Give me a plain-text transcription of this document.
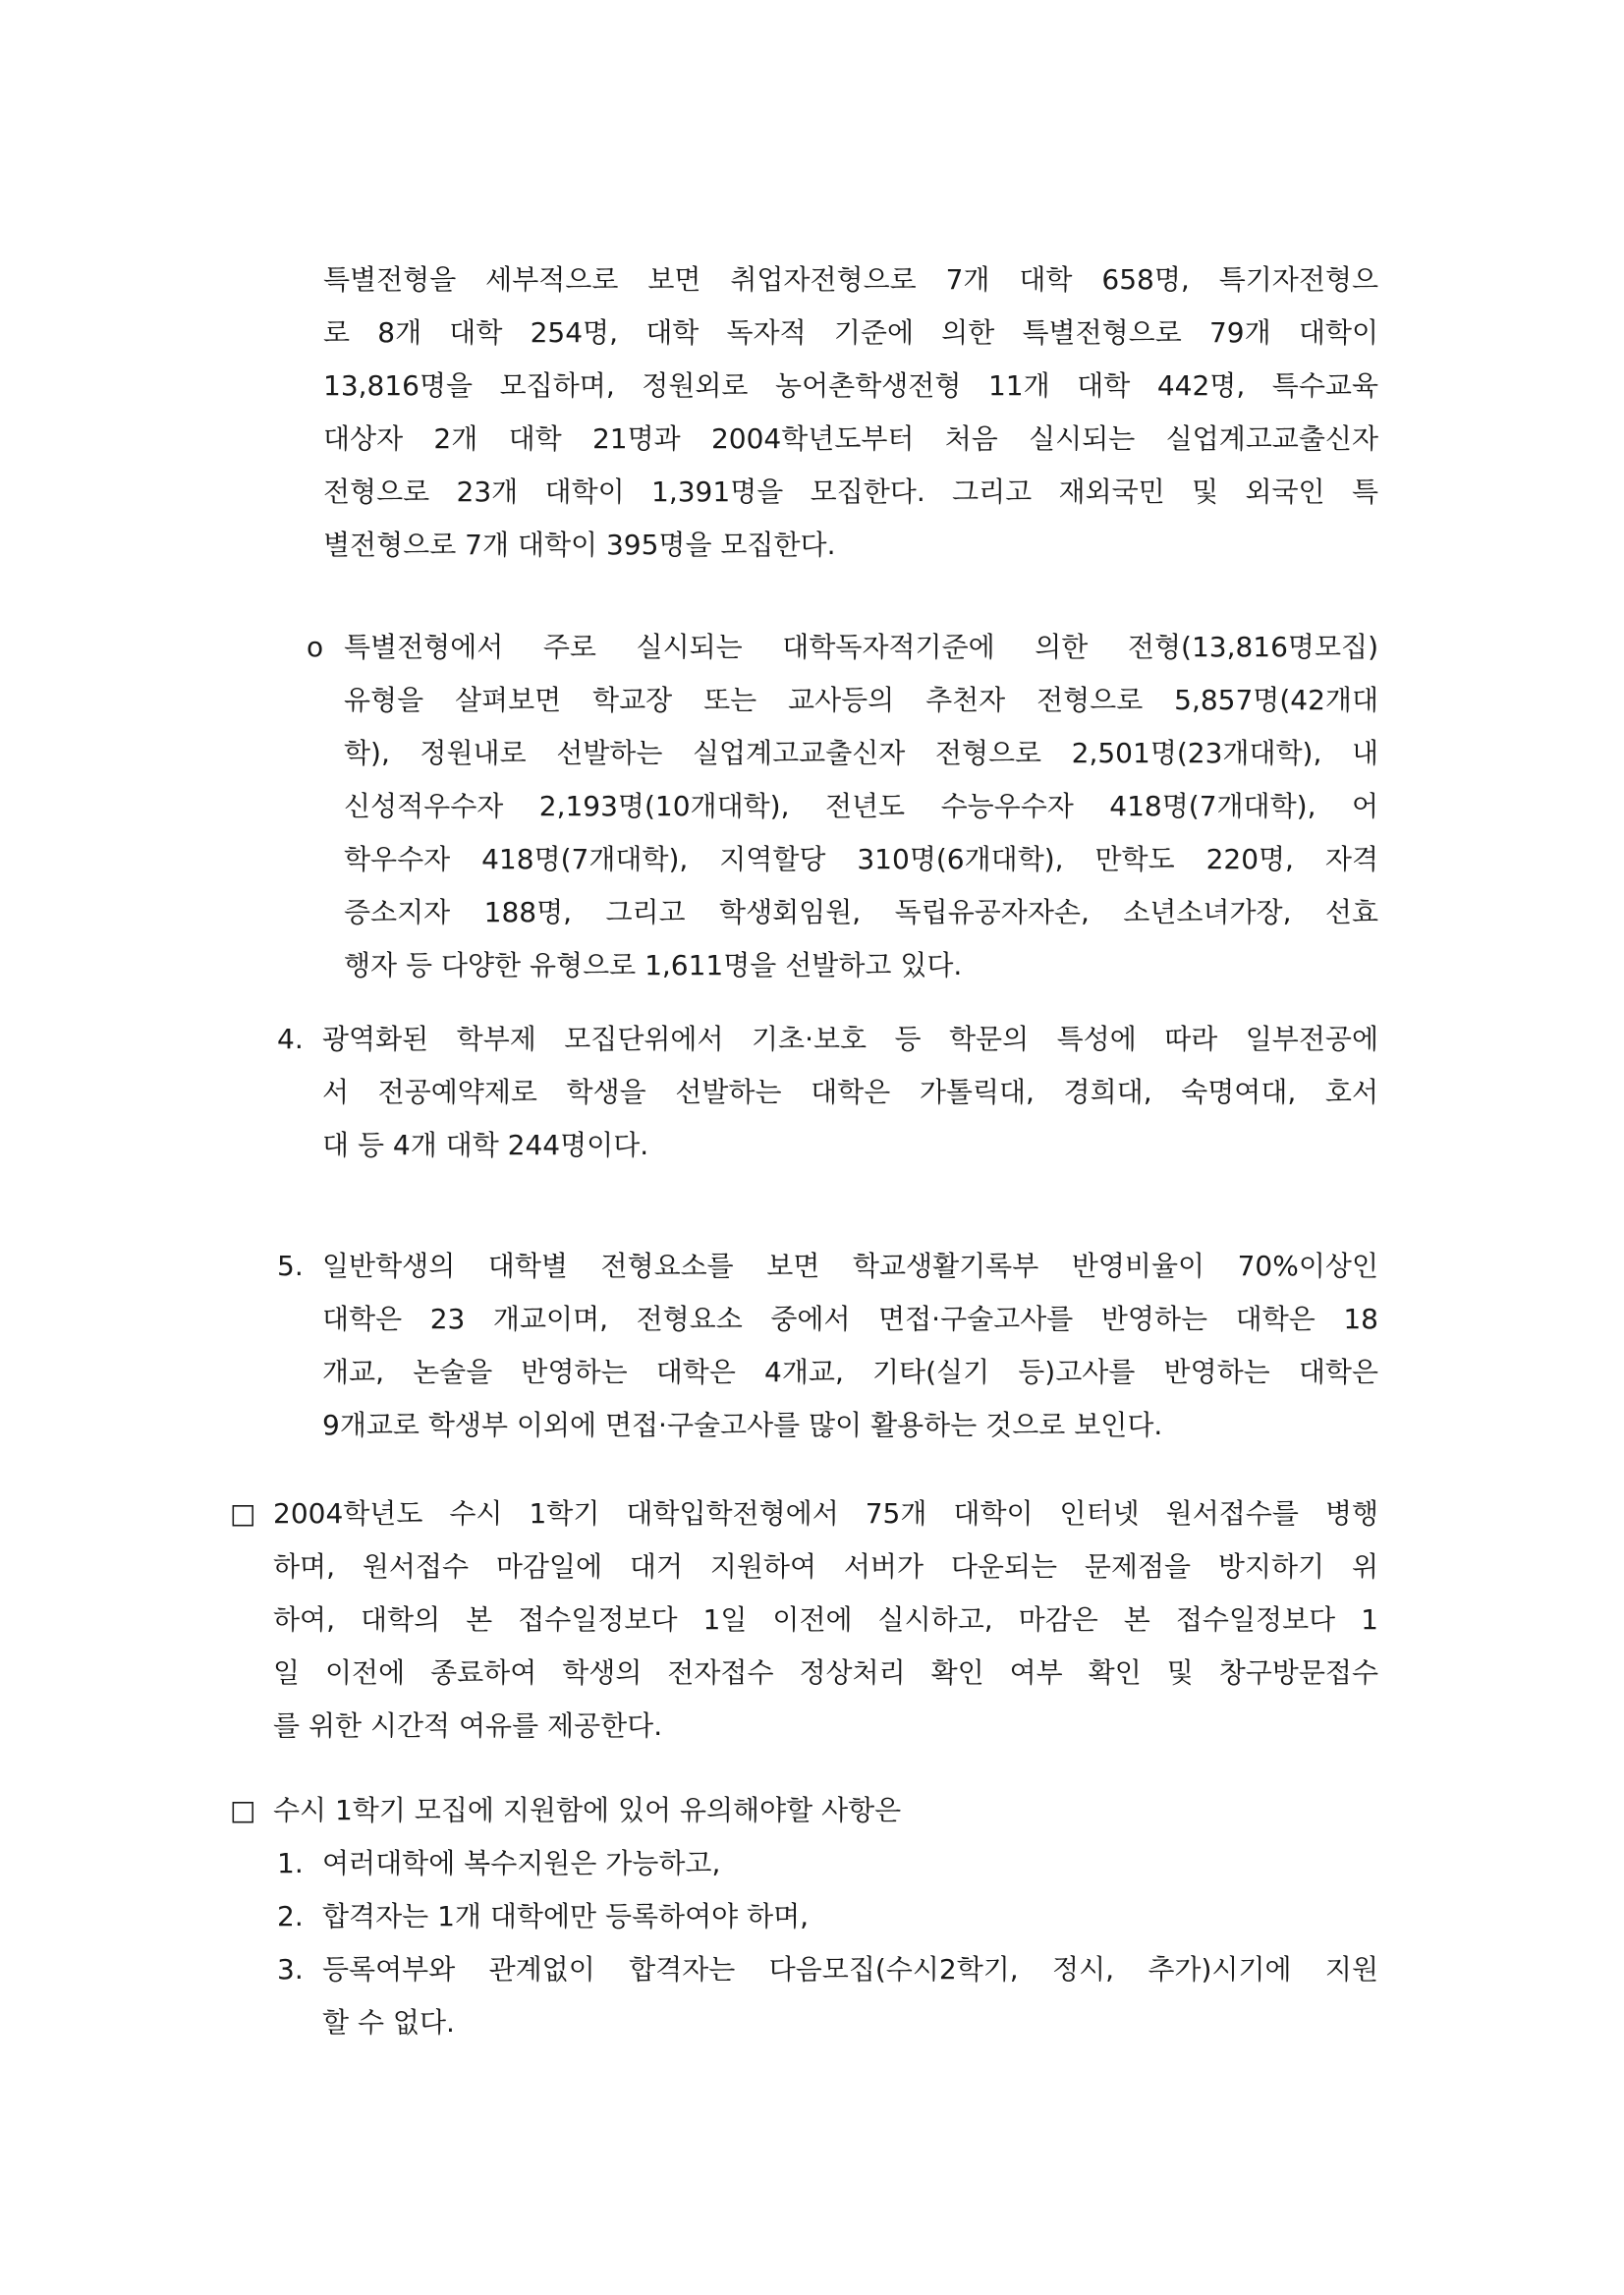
특별전형을 세부적으로 보면 취업자전형으로 7개 대학 658명, 특기자전형으
로 8개 대학 254명, 대학 독자적 기준에 의한 특별전형으로 79개 대학이
13,816명을 모집하며, 정원외로 농어촌학생전형 11개 대학 442명, 특수교육
대상자 2개 대학 21명과 2004학년도부터 처음 실시되는 실업계고교출신자
전형으로 23개 대학이 1,391명을 모집한다. 그리고 재외국민 및 외국인 특
별전형으로 7개 대학이 395명을 모집한다.
o 특별전형에서 주로 실시되는 대학독자적기준에 의한 전형(13,816명모집)
유형을 살펴보면 학교장 또는 교사등의 추천자 전형으로 5,857명(42개대
학), 정원내로 선발하는 실업계고교출신자 전형으로 2,501명(23개대학), 내
신성적우수자 2,193명(10개대학), 전년도 수능우수자 418명(7개대학), 어
학우수자 418명(7개대학), 지역할당 310명(6개대학), 만학도 220명, 자격
증소지자 188명, 그리고 학생회임원, 독립유공자자손, 소년소녀가장, 선효
행자 등 다양한 유형으로 1,611명을 선발하고 있다.
4. 광역화된 학부제 모집단위에서 기초·보호 등 학문의 특성에 따라 일부전공에
서 전공예약제로 학생을 선발하는 대학은 가톨릭대, 경희대, 숙명여대, 호서
대 등 4개 대학 244명이다.
5. 일반학생의 대학별 전형요소를 보면 학교생활기록부 반영비율이 70%이상인
대학은 23 개교이며, 전형요소 중에서 면접·구술고사를 반영하는 대학은 18
개교, 논술을 반영하는 대학은 4개교, 기타(실기 등)고사를 반영하는 대학은
9개교로 학생부 이외에 면접·구술고사를 많이 활용하는 것으로 보인다.
□ 2004학년도 수시 1학기 대학입학전형에서 75개 대학이 인터넷 원서접수를 병행
하며, 원서접수 마감일에 대거 지원하여 서버가 다운되는 문제점을 방지하기 위
하여, 대학의 본 접수일정보다 1일 이전에 실시하고, 마감은 본 접수일정보다 1
일 이전에 종료하여 학생의 전자접수 정상처리 확인 여부 확인 및 창구방문접수
를 위한 시간적 여유를 제공한다.
□ 수시 1학기 모집에 지원함에 있어 유의해야할 사항은
1. 여러대학에 복수지원은 가능하고,
2. 합격자는 1개 대학에만 등록하여야 하며,
3. 등록여부와 관계없이 합격자는 다음모집(수시2학기, 정시, 추가)시기에 지원
할 수 없다.
